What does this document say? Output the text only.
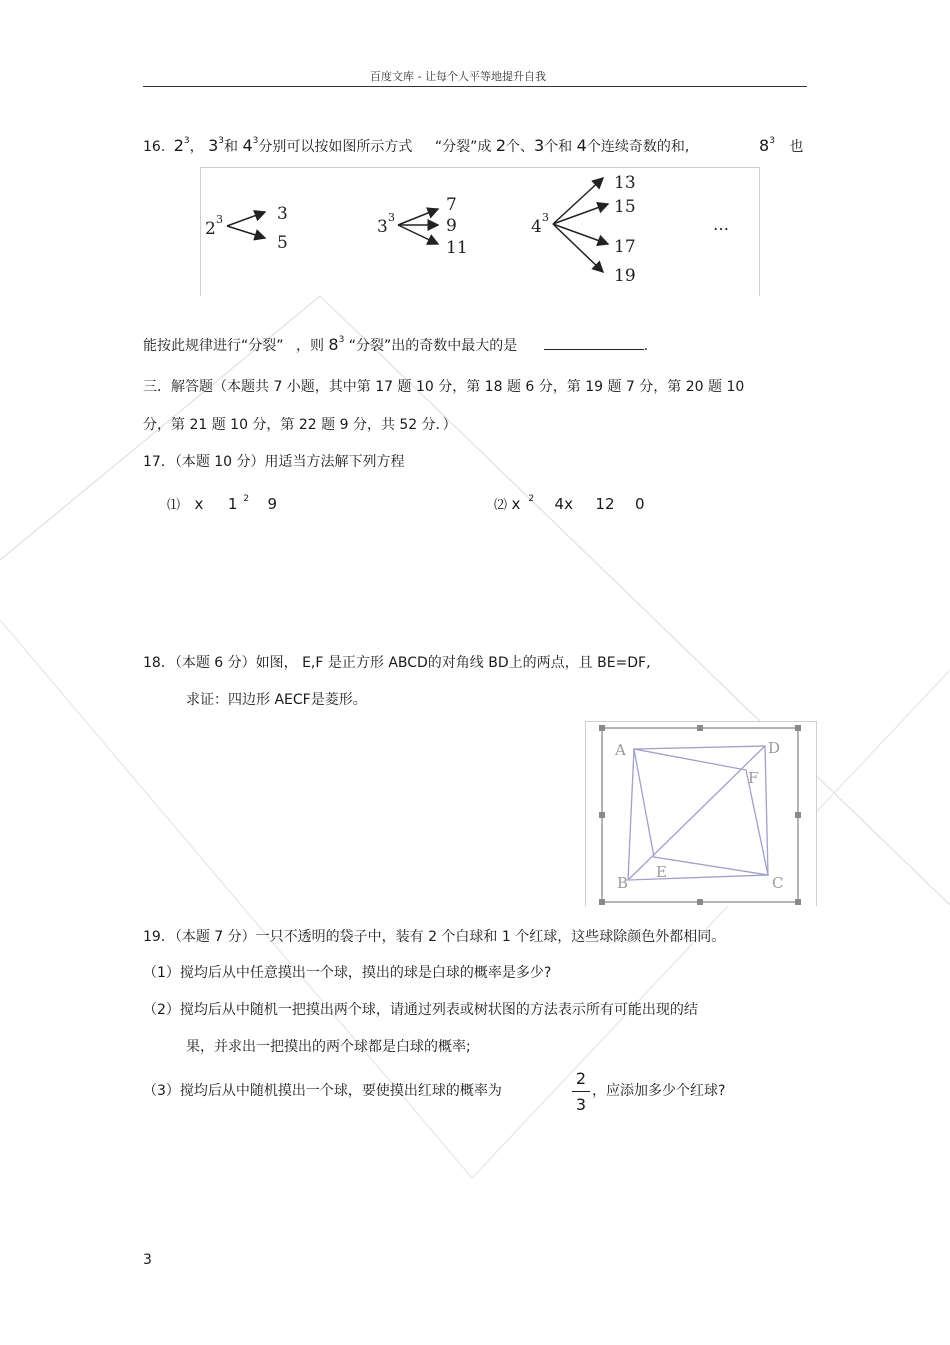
百度文库 - 让每个人平等地提升自我
16. $2^3$， $3^3$和 $4^3$分别可以按如图所示方式 “分裂”成 2个、3个和 4个连续奇数的和,	$8^3$ 也
2 3	3
5
3 3
7
9
11
4 3
13
15
17
19
…
能按此规律进行“分裂” ，则 $8^3$ “分裂”出的奇数中最大的是	.
三．解答题（本题共 7 小题，其中第 17 题 10 分，第 18 题 6 分，第 19 题 7 分，第 20 题 10
分，第 21 题 10 分，第 22 题 9 分，共 52 分．）
17．（本题 10 分）用适当方法解下列方程
⑴ x 1 $^2$ 9	⑵ x $^2$ 4x 12 0
18．（本题 6 分）如图， E,F 是正方形 ABCD的对角线 BD上的两点，且 BE=DF,
求证：四边形 AECF是菱形。
A	D
F
E
B	C
19．（本题 7 分）一只不透明的袋子中，装有 2 个白球和 1 个红球，这些球除颜色外都相同。
（1）搅均后从中任意摸出一个球，摸出的球是白球的概率是多少?
（2）搅均后从中随机一把摸出两个球，请通过列表或树状图的方法表示所有可能出现的结
果，并求出一把摸出的两个球都是白球的概率;
（3）搅均后从中随机摸出一个球，要使摸出红球的概率为
2
3
，应添加多少个红球?
3
